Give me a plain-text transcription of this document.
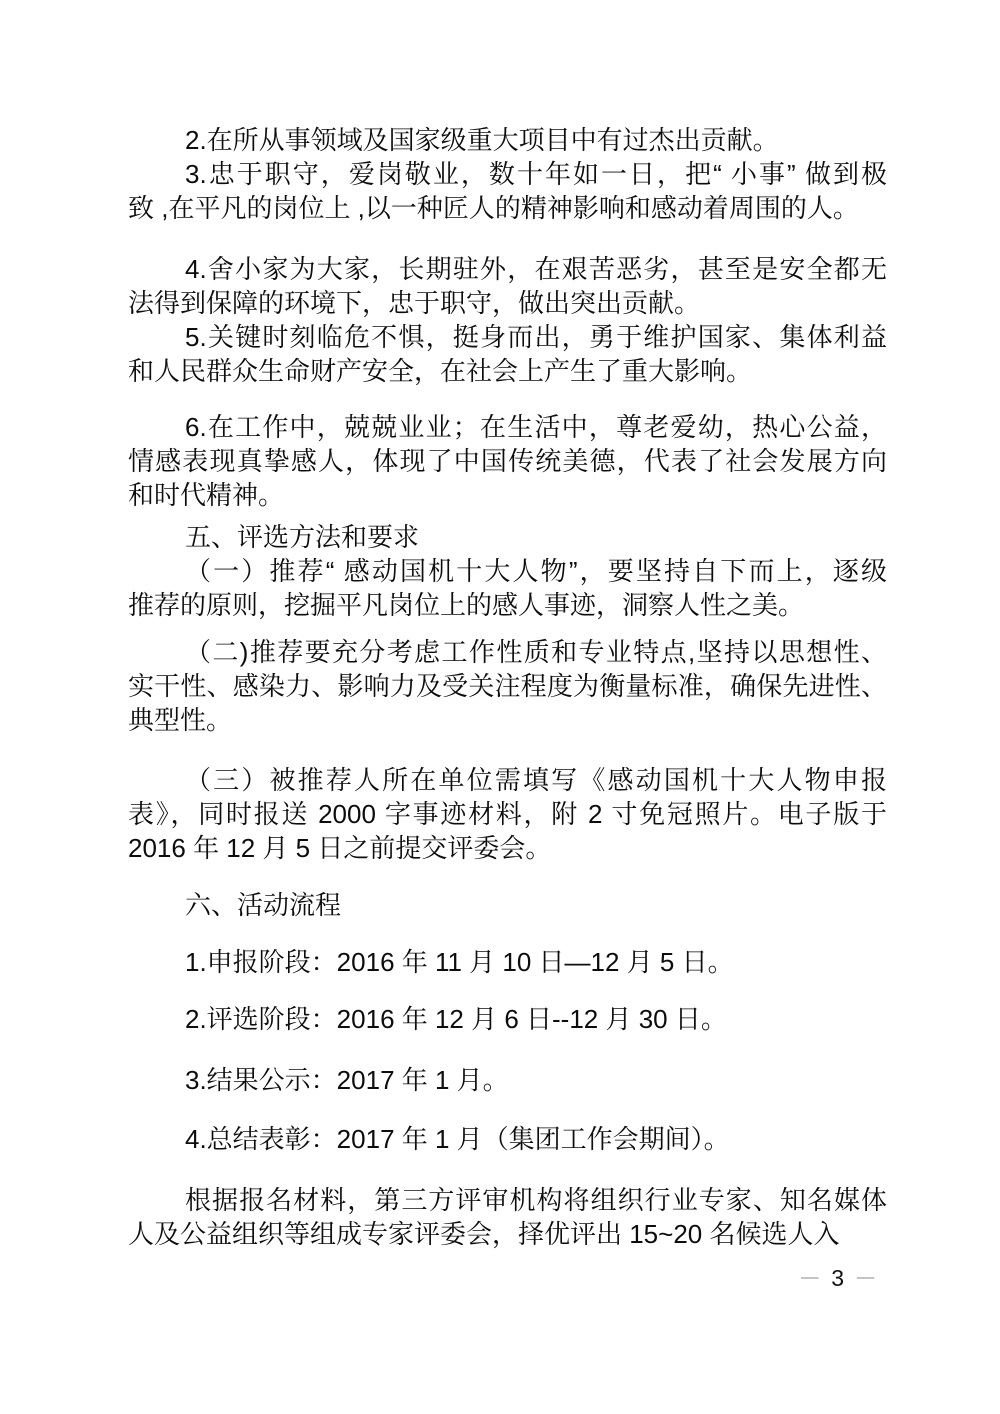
2.在所从事领域及国家级重大项目中有过杰出贡献。
3.忠于职守，爱岗敬业，数十年如一日，把“ 小事” 做到极
致 ,在平凡的岗位上 ,以一种匠人的精神影响和感动着周围的人。
4.舍小家为大家，长期驻外，在艰苦恶劣，甚至是安全都无
法得到保障的环境下，忠于职守，做出突出贡献。
5.关键时刻临危不惧，挺身而出，勇于维护国家、集体利益
和人民群众生命财产安全，在社会上产生了重大影响。
6.在工作中，兢兢业业；在生活中，尊老爱幼，热心公益，
情感表现真挚感人，体现了中国传统美德，代表了社会发展方向
和时代精神。
五、评选方法和要求
（一）推荐“ 感动国机十大人物”，要坚持自下而上，逐级
推荐的原则，挖掘平凡岗位上的感人事迹，洞察人性之美。
（二)推荐要充分考虑工作性质和专业特点,坚持以思想性、
实干性、感染力、影响力及受关注程度为衡量标准，确保先进性、
典型性。
（三）被推荐人所在单位需填写《感动国机十大人物申报
表》，同时报送 2000 字事迹材料，附 2 寸免冠照片。电子版于
2016 年 12 月 5 日之前提交评委会。
六、活动流程
1.申报阶段：2016 年 11 月 10 日—12 月 5 日。
2.评选阶段：2016 年 12 月 6 日--12 月 30 日。
3.结果公示：2017 年 1 月。
4.总结表彰：2017 年 1 月（集团工作会期间）。
根据报名材料，第三方评审机构将组织行业专家、知名媒体
人及公益组织等组成专家评委会，择优评出 15~20 名候选人入
－ 3 －
